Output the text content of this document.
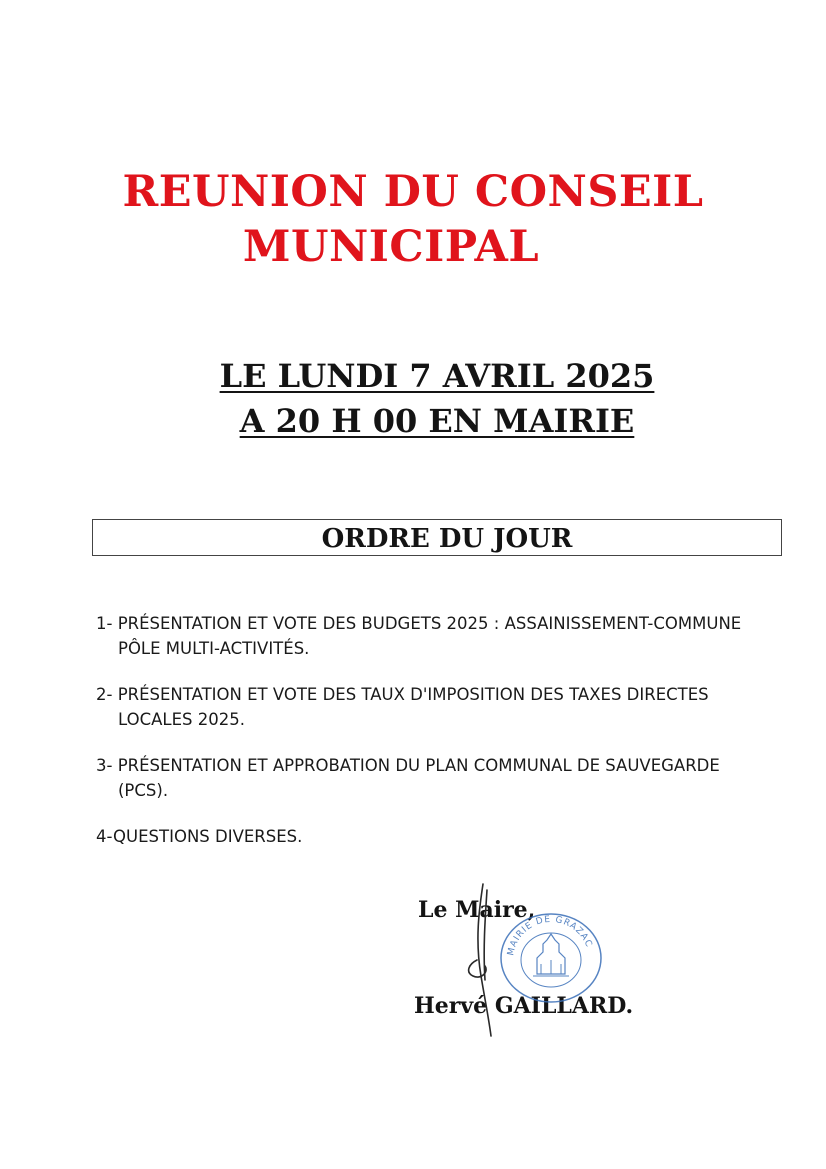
REUNION DU CONSEIL
MUNICIPAL
LE LUNDI 7 AVRIL 2025
A 20 H 00 EN MAIRIE
ORDRE DU JOUR
1- PRÉSENTATION ET VOTE DES BUDGETS 2025 : ASSAINISSEMENT-COMMUNE
PÔLE MULTI-ACTIVITÉS.
2- PRÉSENTATION ET VOTE DES TAUX D'IMPOSITION DES TAXES DIRECTES
LOCALES 2025.
3- PRÉSENTATION ET APPROBATION DU PLAN COMMUNAL DE SAUVEGARDE
(PCS).
4-QUESTIONS DIVERSES.
Le Maire,
Hervé GAILLARD.
MAIRIE DE GRAZAC
